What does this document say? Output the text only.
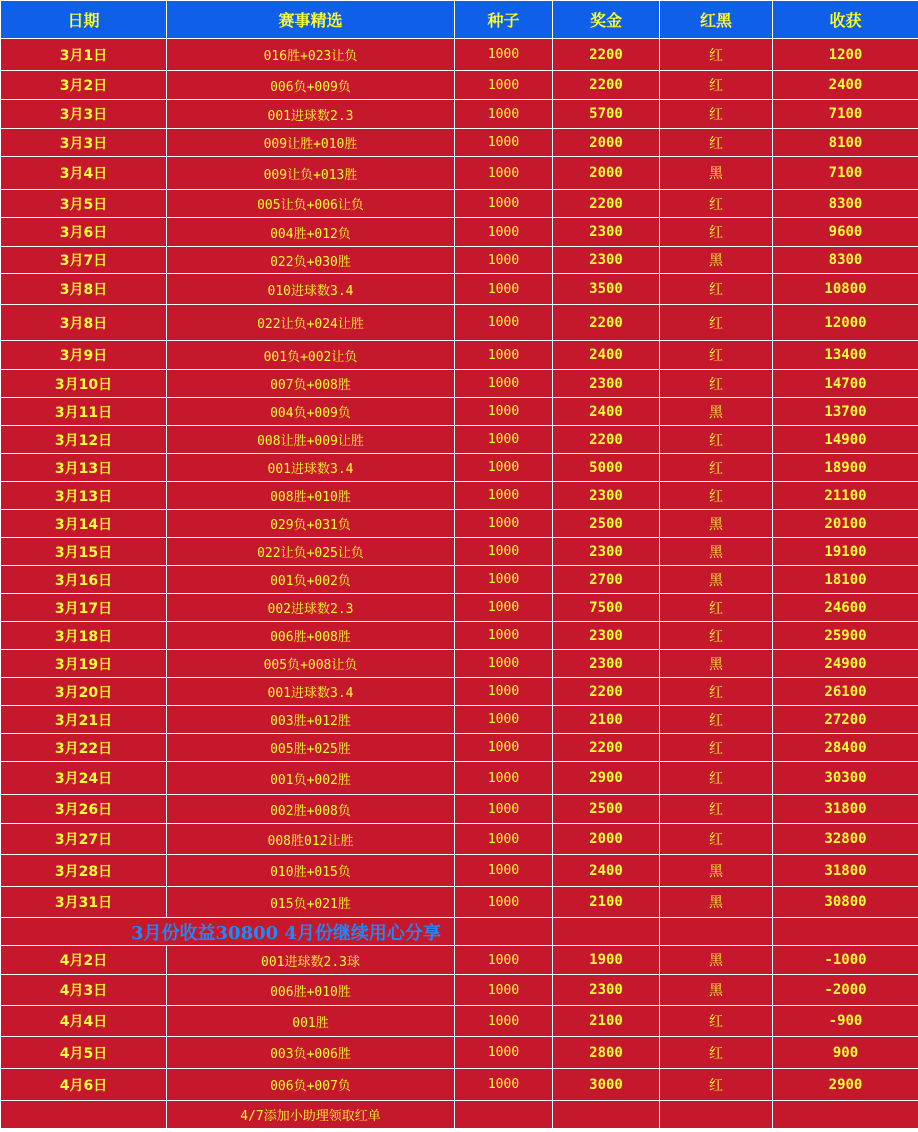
日期	赛事精选	种子	奖金	红黑	收获
3月1日	016胜+023让负	1000	2200	红	1200
3月2日	006负+009负	1000	2200	红	2400
3月3日	001进球数2.3	1000	5700	红	7100
3月3日	009让胜+010胜	1000	2000	红	8100
3月4日	009让负+013胜	1000	2000	黑	7100
3月5日	005让负+006让负	1000	2200	红	8300
3月6日	004胜+012负	1000	2300	红	9600
3月7日	022负+030胜	1000	2300	黑	8300
3月8日	010进球数3.4	1000	3500	红	10800
3月8日	022让负+024让胜	1000	2200	红	12000
3月9日	001负+002让负	1000	2400	红	13400
3月10日	007负+008胜	1000	2300	红	14700
3月11日	004负+009负	1000	2400	黑	13700
3月12日	008让胜+009让胜	1000	2200	红	14900
3月13日	001进球数3.4	1000	5000	红	18900
3月13日	008胜+010胜	1000	2300	红	21100
3月14日	029负+031负	1000	2500	黑	20100
3月15日	022让负+025让负	1000	2300	黑	19100
3月16日	001负+002负	1000	2700	黑	18100
3月17日	002进球数2.3	1000	7500	红	24600
3月18日	006胜+008胜	1000	2300	红	25900
3月19日	005负+008让负	1000	2300	黑	24900
3月20日	001进球数3.4	1000	2200	红	26100
3月21日	003胜+012胜	1000	2100	红	27200
3月22日	005胜+025胜	1000	2200	红	28400
3月24日	001负+002胜	1000	2900	红	30300
3月26日	002胜+008负	1000	2500	红	31800
3月27日	008胜012让胜	1000	2000	红	32800
3月28日	010胜+015负	1000	2400	黑	31800
3月31日	015负+021胜	1000	2100	黑	30800
3月份收益30800 4月份继续用心分享					
4月2日	001进球数2.3球	1000	1900	黑	-1000
4月3日	006胜+010胜	1000	2300	黑	-2000
4月4日	001胜	1000	2100	红	-900
4月5日	003负+006胜	1000	2800	红	900
4月6日	006负+007负	1000	3000	红	2900
	4/7添加小助理领取红单				
